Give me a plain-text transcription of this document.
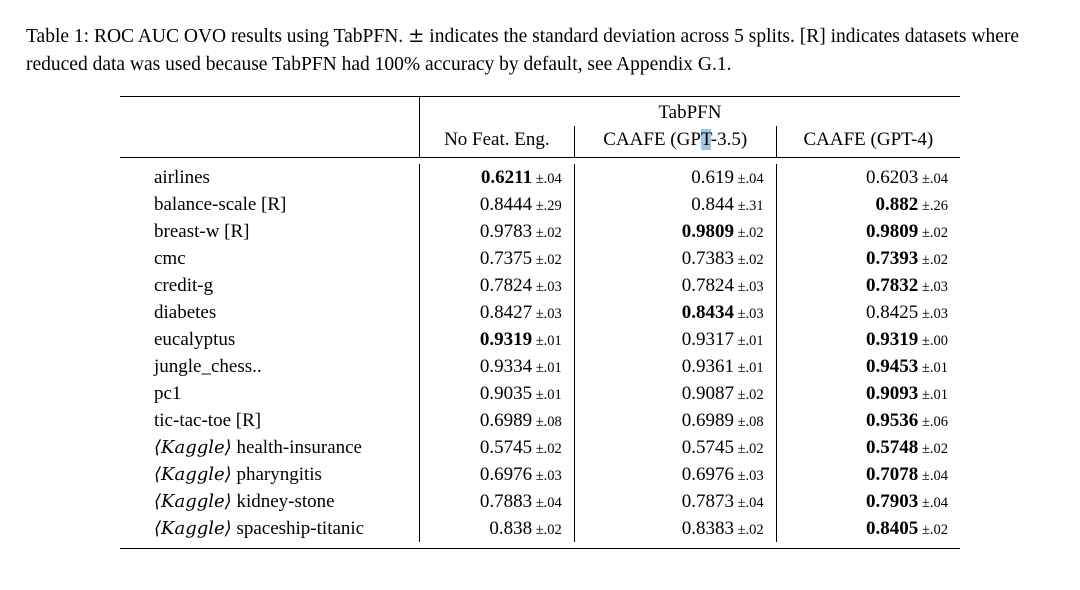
Table 1: ROC AUC OVO results using TabPFN. ± indicates the standard deviation across 5 splits. [R] indicates datasets where reduced data was used because TabPFN had 100% accuracy by default, see Appendix G.1.

	TabPFN		
	No Feat. Eng.	CAAFE (GPT-3.5)	CAAFE (GPT-4)

airlines	0.6211 ±.04	0.619 ±.04	0.6203 ±.04
balance-scale [R]	0.8444 ±.29	0.844 ±.31	0.882 ±.26
breast-w [R]	0.9783 ±.02	0.9809 ±.02	0.9809 ±.02
cmc	0.7375 ±.02	0.7383 ±.02	0.7393 ±.02
credit-g	0.7824 ±.03	0.7824 ±.03	0.7832 ±.03
diabetes	0.8427 ±.03	0.8434 ±.03	0.8425 ±.03
eucalyptus	0.9319 ±.01	0.9317 ±.01	0.9319 ±.00
jungle_chess..	0.9334 ±.01	0.9361 ±.01	0.9453 ±.01
pc1	0.9035 ±.01	0.9087 ±.02	0.9093 ±.01
tic-tac-toe [R]	0.6989 ±.08	0.6989 ±.08	0.9536 ±.06
⟨Kaggle⟩ health-insurance	0.5745 ±.02	0.5745 ±.02	0.5748 ±.02
⟨Kaggle⟩ pharyngitis	0.6976 ±.03	0.6976 ±.03	0.7078 ±.04
⟨Kaggle⟩ kidney-stone	0.7883 ±.04	0.7873 ±.04	0.7903 ±.04
⟨Kaggle⟩ spaceship-titanic	0.838 ±.02	0.8383 ±.02	0.8405 ±.02
